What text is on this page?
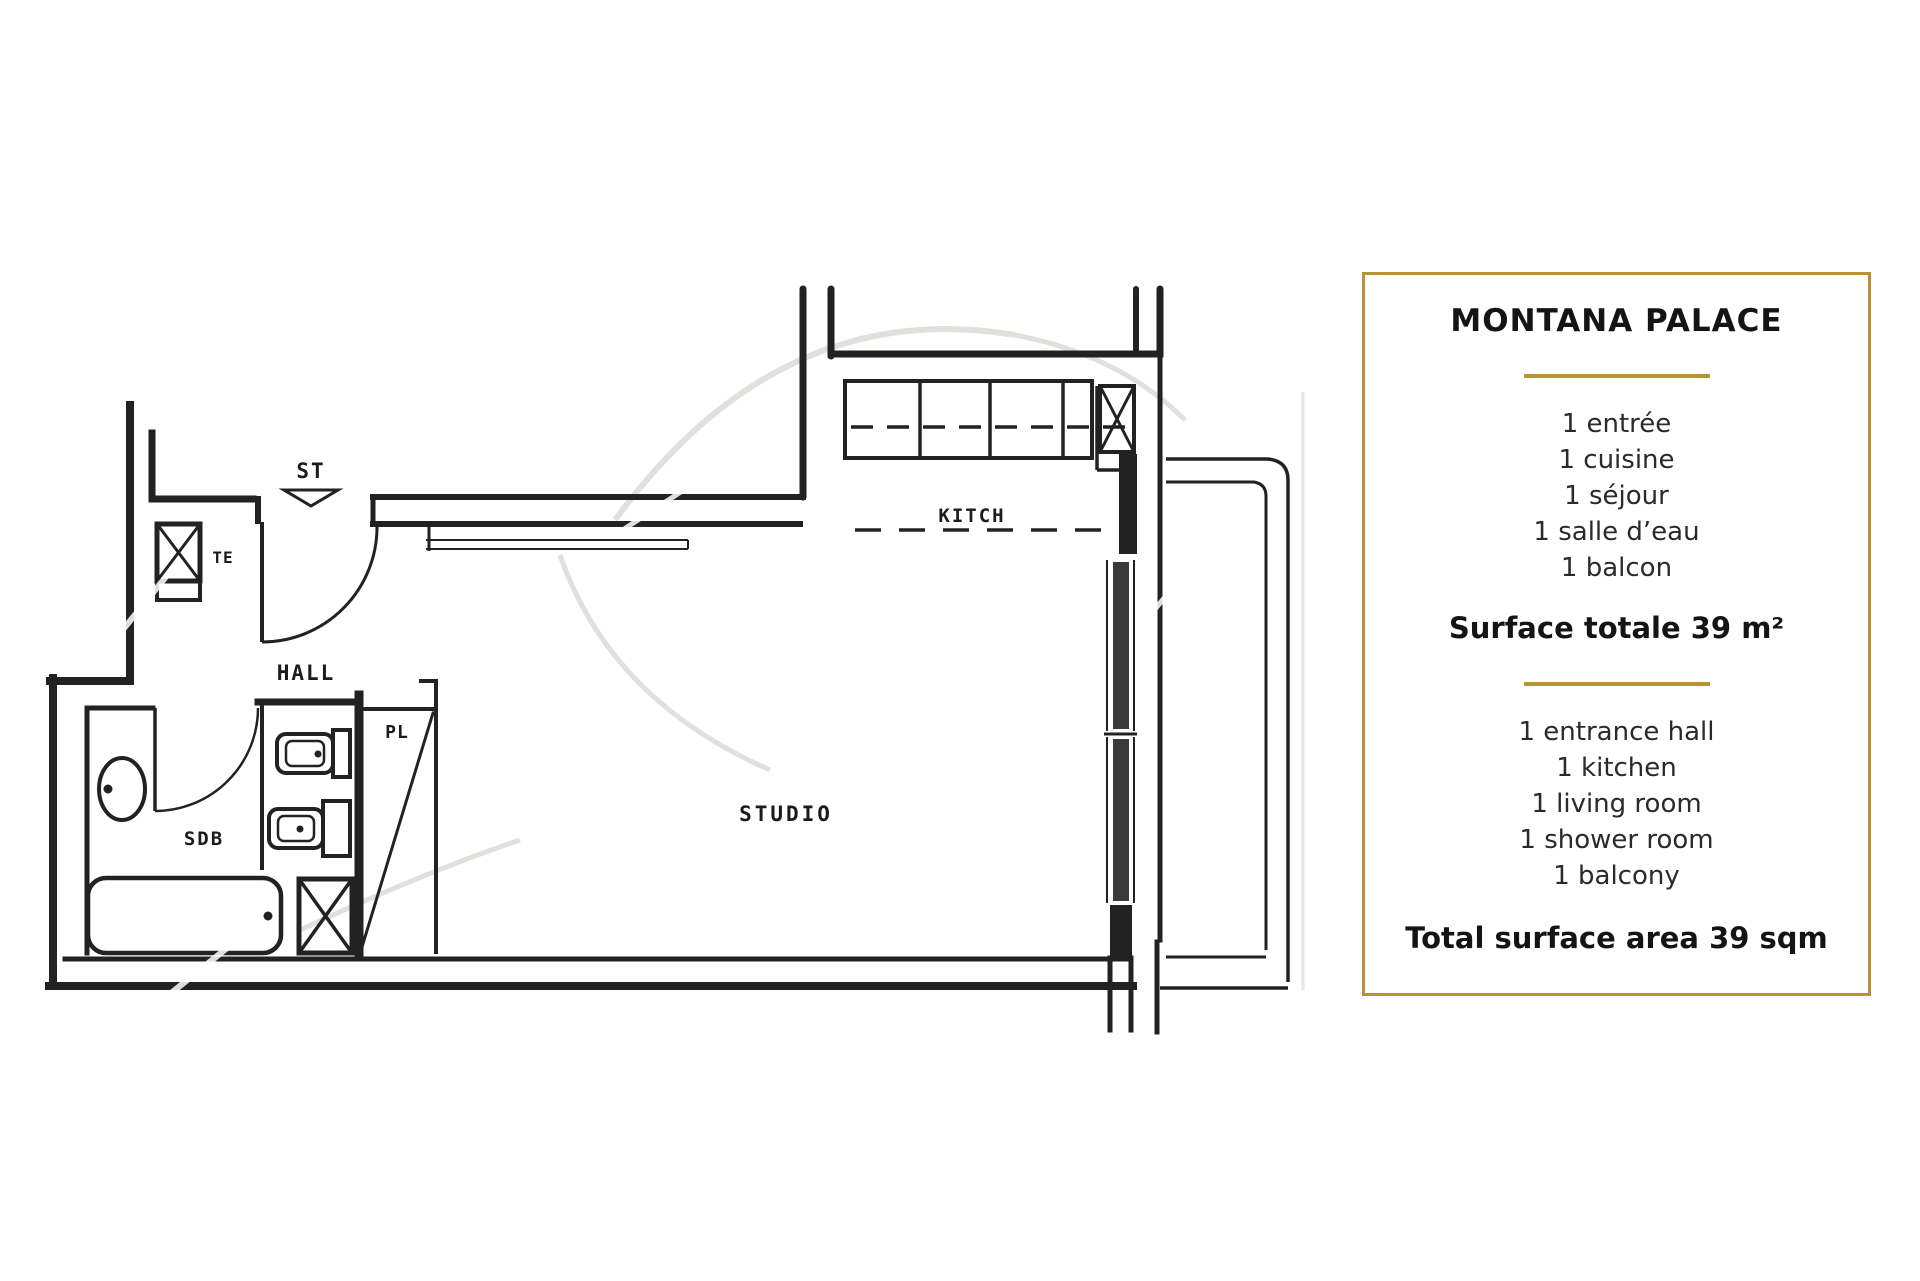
ST
TE
HALL
PL
SDB
STUDIO
KITCH
MONTANA PALACE
1 entrée
1 cuisine
1 séjour
1 salle d’eau
1 balcon

Surface totale 39 m²

1 entrance hall
1 kitchen
1 living room
1 shower room
1 balcony

Total surface area 39 sqm
